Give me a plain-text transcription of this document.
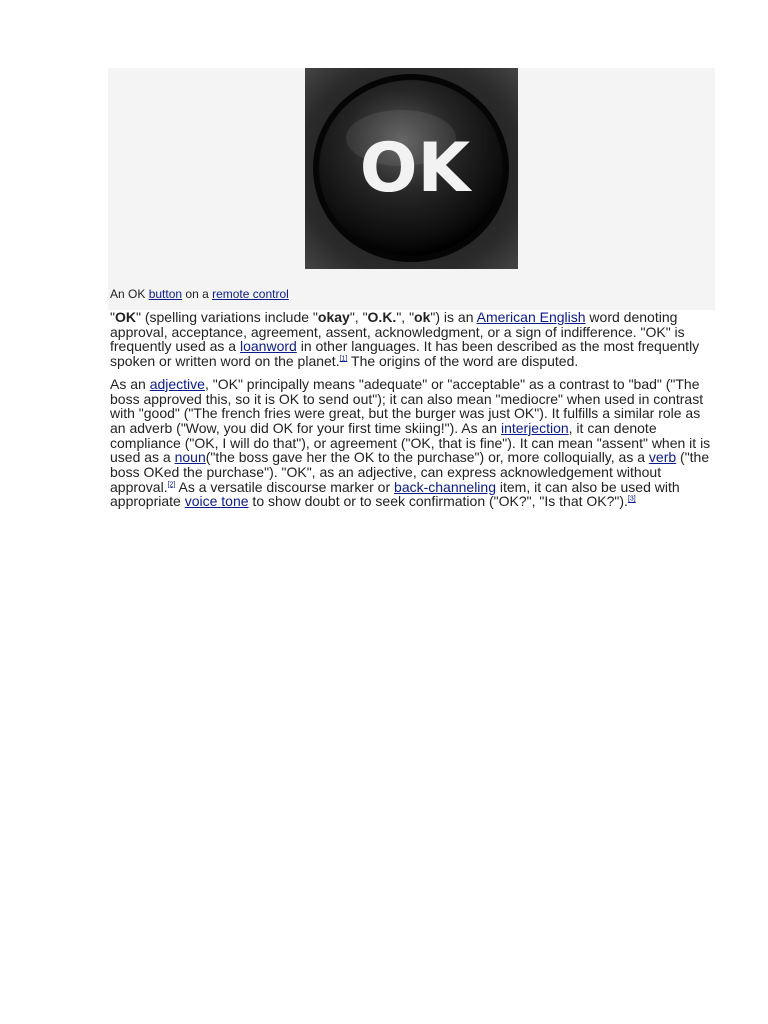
OK
An OK button on a remote control

"OK" (spelling variations include "okay", "O.K.", "ok") is an American English word denoting approval, acceptance, agreement, assent, acknowledgment, or a sign of indifference. "OK" is frequently used as a loanword in other languages. It has been described as the most frequently spoken or written word on the planet.[1] The origins of the word are disputed.

As an adjective, "OK" principally means "adequate" or "acceptable" as a contrast to "bad" ("The boss approved this, so it is OK to send out"); it can also mean "mediocre" when used in contrast with "good" ("The french fries were great, but the burger was just OK"). It fulfills a similar role as an adverb ("Wow, you did OK for your first time skiing!"). As an interjection, it can denote compliance ("OK, I will do that"), or agreement ("OK, that is fine"). It can mean "assent" when it is used as a noun("the boss gave her the OK to the purchase") or, more colloquially, as a verb ("the boss OKed the purchase"). "OK", as an adjective, can express acknowledgement without approval.[2] As a versatile discourse marker or back-channeling item, it can also be used with appropriate voice tone to show doubt or to seek confirmation ("OK?", "Is that OK?").[3]
